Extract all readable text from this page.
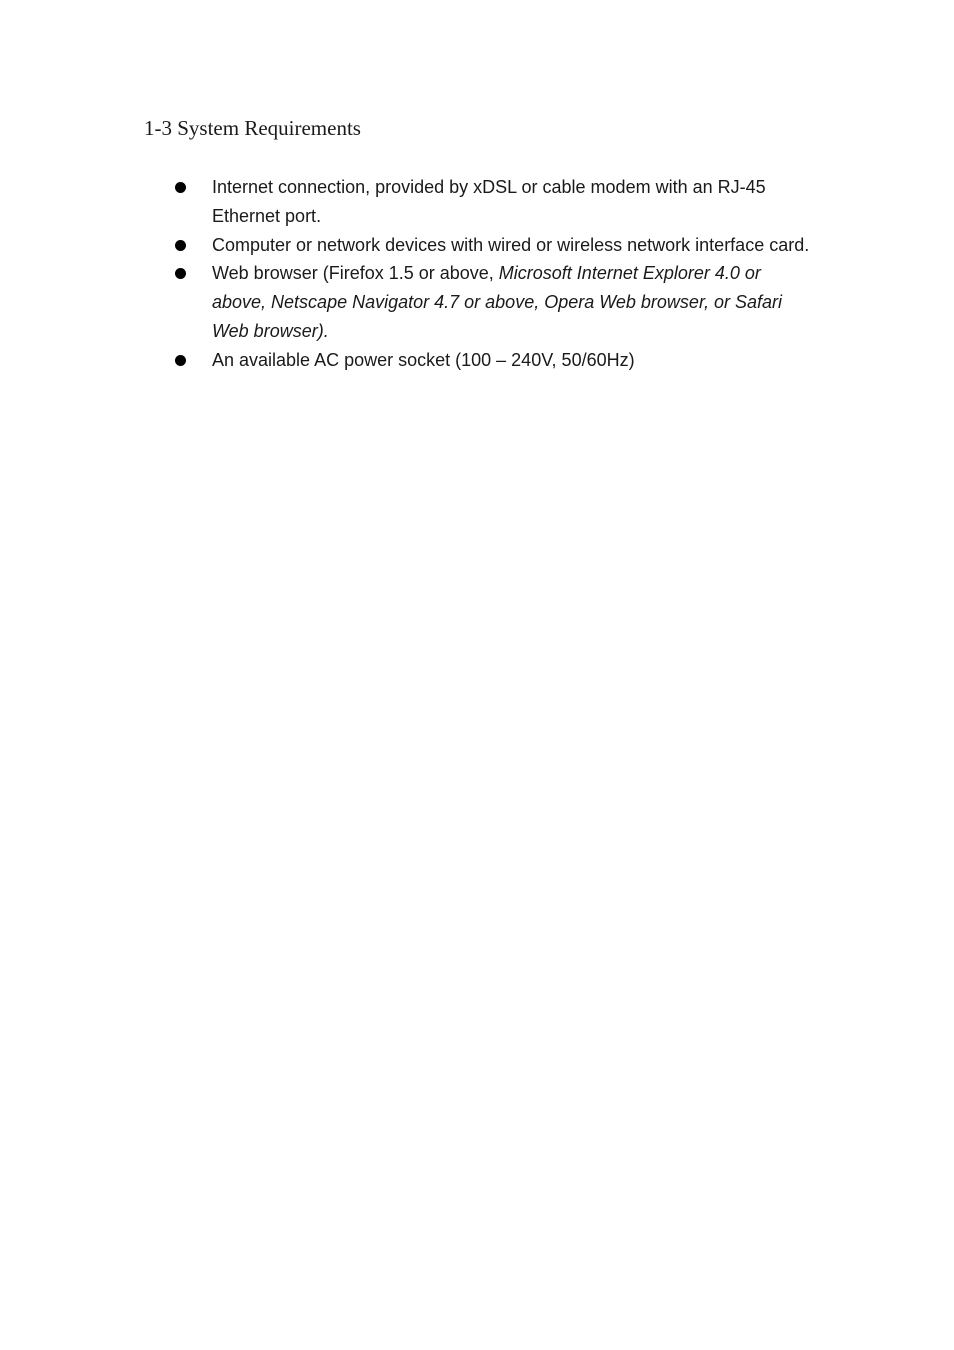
1-3 System Requirements
Internet connection, provided by xDSL or cable modem with an RJ-45 Ethernet port.
Computer or network devices with wired or wireless network interface card.
Web browser (Firefox 1.5 or above, Microsoft Internet Explorer 4.0 or above, Netscape Navigator 4.7 or above, Opera Web browser, or Safari Web browser).
An available AC power socket (100 – 240V, 50/60Hz)
